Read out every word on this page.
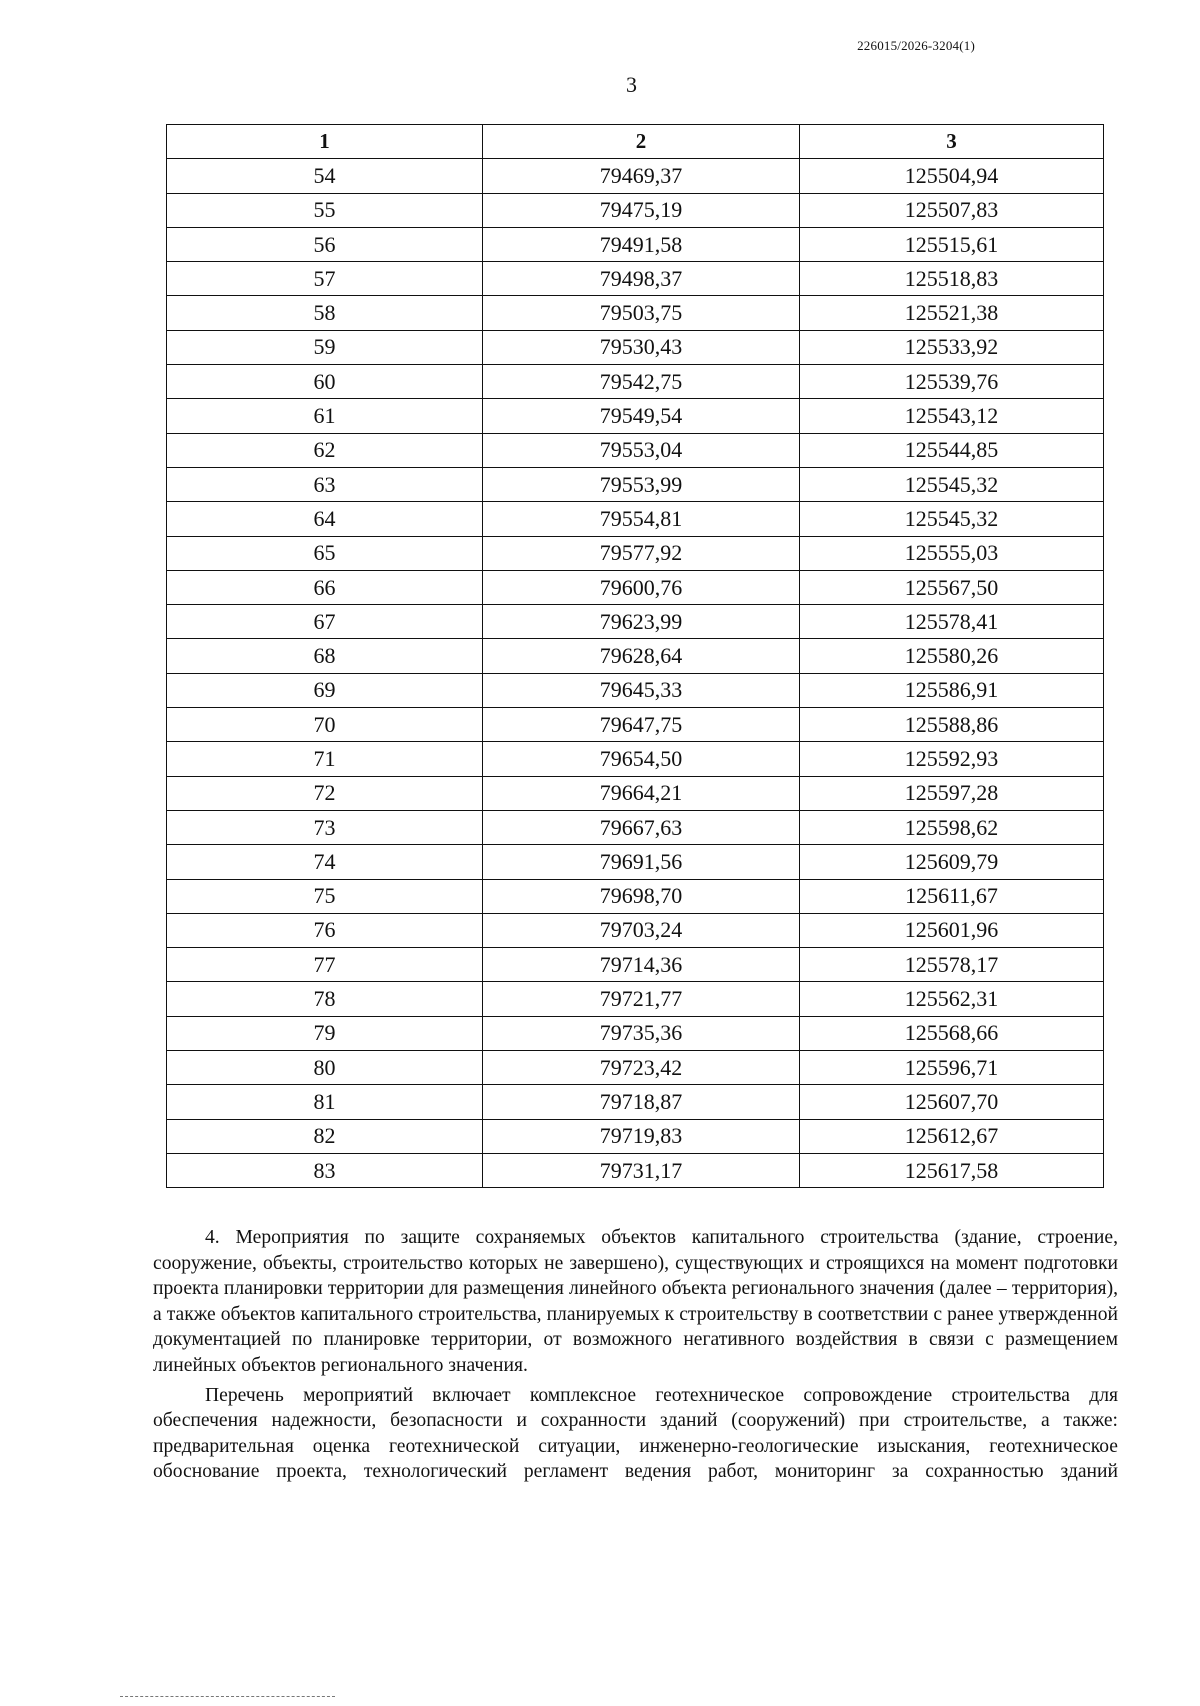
226015/2026-3204(1)
3
1	2	3
54	79469,37	125504,94
55	79475,19	125507,83
56	79491,58	125515,61
57	79498,37	125518,83
58	79503,75	125521,38
59	79530,43	125533,92
60	79542,75	125539,76
61	79549,54	125543,12
62	79553,04	125544,85
63	79553,99	125545,32
64	79554,81	125545,32
65	79577,92	125555,03
66	79600,76	125567,50
67	79623,99	125578,41
68	79628,64	125580,26
69	79645,33	125586,91
70	79647,75	125588,86
71	79654,50	125592,93
72	79664,21	125597,28
73	79667,63	125598,62
74	79691,56	125609,79
75	79698,70	125611,67
76	79703,24	125601,96
77	79714,36	125578,17
78	79721,77	125562,31
79	79735,36	125568,66
80	79723,42	125596,71
81	79718,87	125607,70
82	79719,83	125612,67
83	79731,17	125617,58

4. Мероприятия по защите сохраняемых объектов капитального строительства (здание, строение, сооружение, объекты, строительство которых не завершено), существующих и строящихся на момент подготовки проекта планировки территории для размещения линейного объекта регионального значения (далее – территория), а также объектов капитального строительства, планируемых к строительству в соответствии с ранее утвержденной документацией по планировке территории, от возможного негативного воздействия в связи с размещением линейных объектов регионального значения.

Перечень мероприятий включает комплексное геотехническое сопровождение строительства для обеспечения надежности, безопасности и сохранности зданий (сооружений) при строительстве, а также: предварительная оценка геотехнической ситуации, инженерно-геологические изыскания, геотехническое обоснование проекта, технологический регламент ведения работ, мониторинг за сохранностью зданий
